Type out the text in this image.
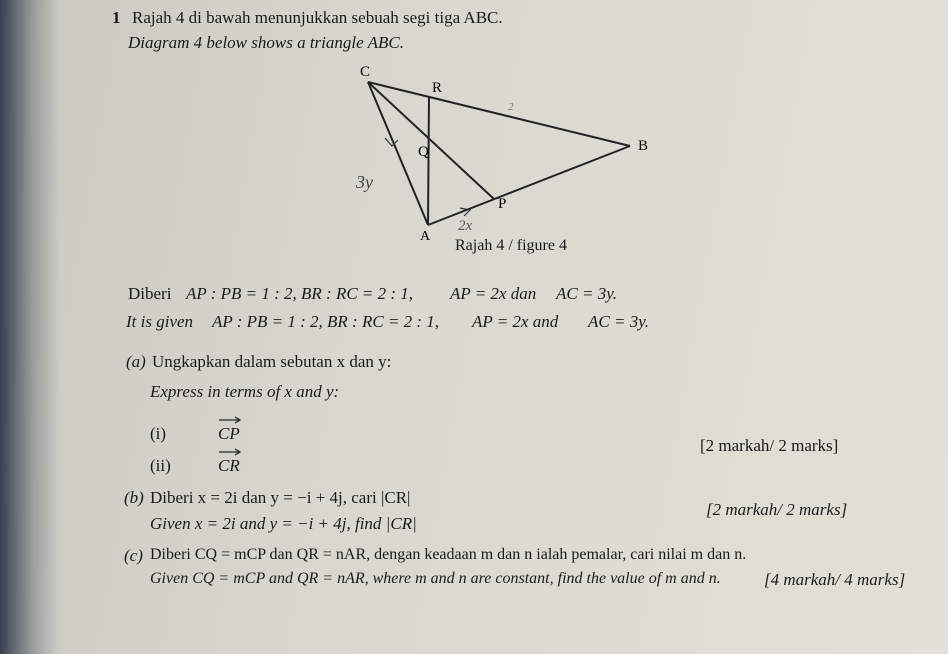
1 Rajah 4 di bawah menunjukkan sebuah segi tiga ABC.
Diagram 4 below shows a triangle ABC.
C
R
Q	B
P
A
3y
2x
2
Rajah 4 / figure 4
Diberi AP : PB = 1 : 2, BR : RC = 2 : 1, AP = 2x dan AC = 3y.
It is given AP : PB = 1 : 2, BR : RC = 2 : 1, AP = 2x and AC = 3y.
(a) Ungkapkan dalam sebutan x dan y:
Express in terms of x and y:
(i)	CP
(ii)	CR
[2 markah/ 2 marks]
(b) Diberi x = 2i dan y = −i + 4j, cari |CR|
Given x = 2i and y = −i + 4j, find |CR|
[2 markah/ 2 marks]
(c) Diberi CQ = mCP dan QR = nAR, dengan keadaan m dan n ialah pemalar, cari nilai m dan n.
Given CQ = mCP and QR = nAR, where m and n are constant, find the value of m and n.	[4 markah/ 4 marks]
